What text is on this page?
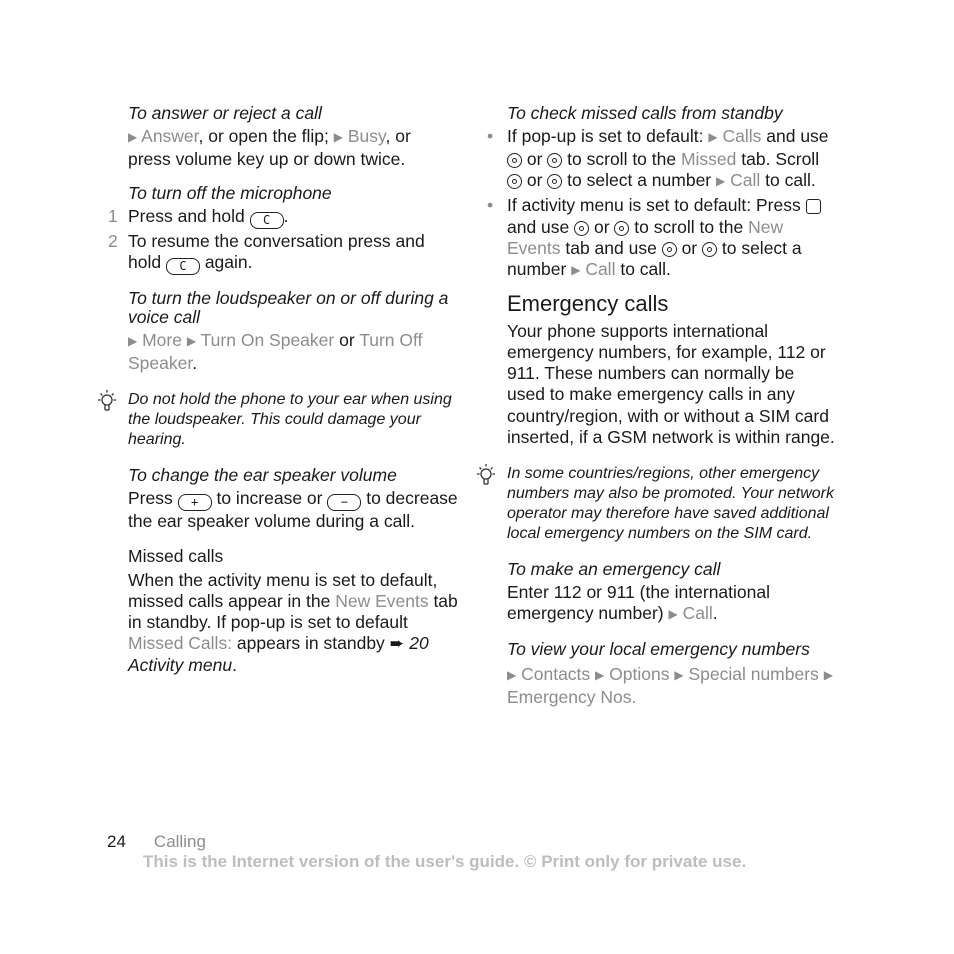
To answer or reject a call

▶ Answer, or open the flip; ▶ Busy, or press volume key up or down twice.

To turn off the microphone

1 Press and hold C .

2 To resume the conversation press and hold C again.

To turn the loudspeaker on or off during a voice call

▶ More ▶ Turn On Speaker or Turn Off Speaker.

Do not hold the phone to your ear when using the loudspeaker. This could damage your hearing.

To change the ear speaker volume

Press + to increase or − to decrease the ear speaker volume during a call.

Missed calls

When the activity menu is set to default, missed calls appear in the New Events tab in standby. If pop-up is set to default Missed Calls: appears in standby ➨ 20 Activity menu.

To check missed calls from standby

• If pop-up is set to default: ▶ Calls and use  or  to scroll to the Missed tab. Scroll  or  to select a number ▶ Call to call.

• If activity menu is set to default: Press  and use  or  to scroll to the New Events tab and use  or  to select a number ▶ Call to call.

Emergency calls

Your phone supports international emergency numbers, for example, 112 or 911. These numbers can normally be used to make emergency calls in any country/region, with or without a SIM card inserted, if a GSM network is within range.

In some countries/regions, other emergency numbers may also be promoted. Your network operator may therefore have saved additional local emergency numbers on the SIM card.

To make an emergency call

Enter 112 or 911 (the international emergency number) ▶ Call.

To view your local emergency numbers

▶ Contacts ▶ Options ▶ Special numbers ▶ Emergency Nos.

24 Calling
This is the Internet version of the user's guide. © Print only for private use.
